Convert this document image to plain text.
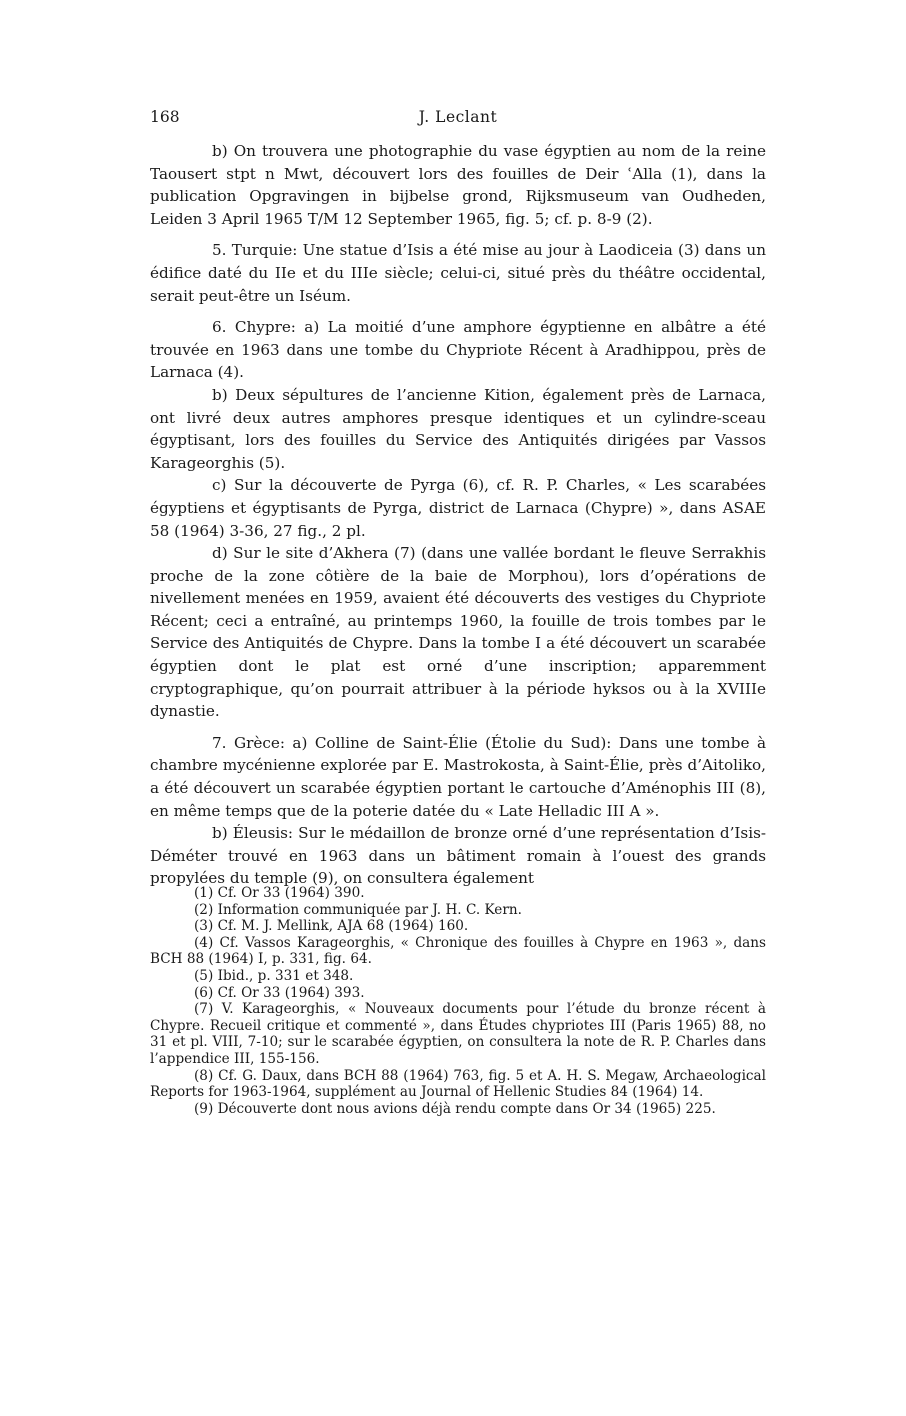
168	J. Leclant

b) On trouvera une photographie du vase égyptien au nom de la reine Taousert stpt n Mwt, découvert lors des fouilles de Deir ʿAlla (1), dans la publication Opgravingen in bijbelse grond, Rijksmuseum van Oudheden, Leiden 3 April 1965 T/M 12 September 1965, fig. 5; cf. p. 8-9 (2).

5. Turquie: Une statue d’Isis a été mise au jour à Laodiceia (3) dans un édifice daté du IIe et du IIIe siècle; celui-ci, situé près du théâtre occidental, serait peut-être un Iséum.

6. Chypre: a) La moitié d’une amphore égyptienne en albâtre a été trouvée en 1963 dans une tombe du Chypriote Récent à Aradhippou, près de Larnaca (4).

b) Deux sépultures de l’ancienne Kition, également près de Larnaca, ont livré deux autres amphores presque identiques et un cylindre-sceau égyptisant, lors des fouilles du Service des Antiquités dirigées par Vassos Karageorghis (5).

c) Sur la découverte de Pyrga (6), cf. R. P. Charles, « Les scarabées égyptiens et égyptisants de Pyrga, district de Larnaca (Chypre) », dans ASAE 58 (1964) 3-36, 27 fig., 2 pl.

d) Sur le site d’Akhera (7) (dans une vallée bordant le fleuve Serrakhis proche de la zone côtière de la baie de Morphou), lors d’opérations de nivellement menées en 1959, avaient été découverts des vestiges du Chypriote Récent; ceci a entraîné, au printemps 1960, la fouille de trois tombes par le Service des Antiquités de Chypre. Dans la tombe I a été découvert un scarabée égyptien dont le plat est orné d’une inscription; apparemment cryptographique, qu’on pourrait attribuer à la période hyksos ou à la XVIIIe dynastie.

7. Grèce: a) Colline de Saint-Élie (Étolie du Sud): Dans une tombe à chambre mycénienne explorée par E. Mastrokosta, à Saint-Élie, près d’Aitoliko, a été découvert un scarabée égyptien portant le cartouche d’Aménophis III (8), en même temps que de la poterie datée du « Late Helladic III A ».

b) Éleusis: Sur le médaillon de bronze orné d’une représentation d’Isis-Déméter trouvé en 1963 dans un bâtiment romain à l’ouest des grands propylées du temple (9), on consultera également

(1) Cf. Or 33 (1964) 390.

(2) Information communiquée par J. H. C. Kern.

(3) Cf. M. J. Mellink, AJA 68 (1964) 160.

(4) Cf. Vassos Karageorghis, « Chronique des fouilles à Chypre en 1963 », dans BCH 88 (1964) I, p. 331, fig. 64.

(5) Ibid., p. 331 et 348.

(6) Cf. Or 33 (1964) 393.

(7) V. Karageorghis, « Nouveaux documents pour l’étude du bronze récent à Chypre. Recueil critique et commenté », dans Études chypriotes III (Paris 1965) 88, no 31 et pl. VIII, 7-10; sur le scarabée égyptien, on consultera la note de R. P. Charles dans l’appendice III, 155-156.

(8) Cf. G. Daux, dans BCH 88 (1964) 763, fig. 5 et A. H. S. Megaw, Archaeological Reports for 1963-1964, supplément au Journal of Hellenic Studies 84 (1964) 14.

(9) Découverte dont nous avions déjà rendu compte dans Or 34 (1965) 225.
